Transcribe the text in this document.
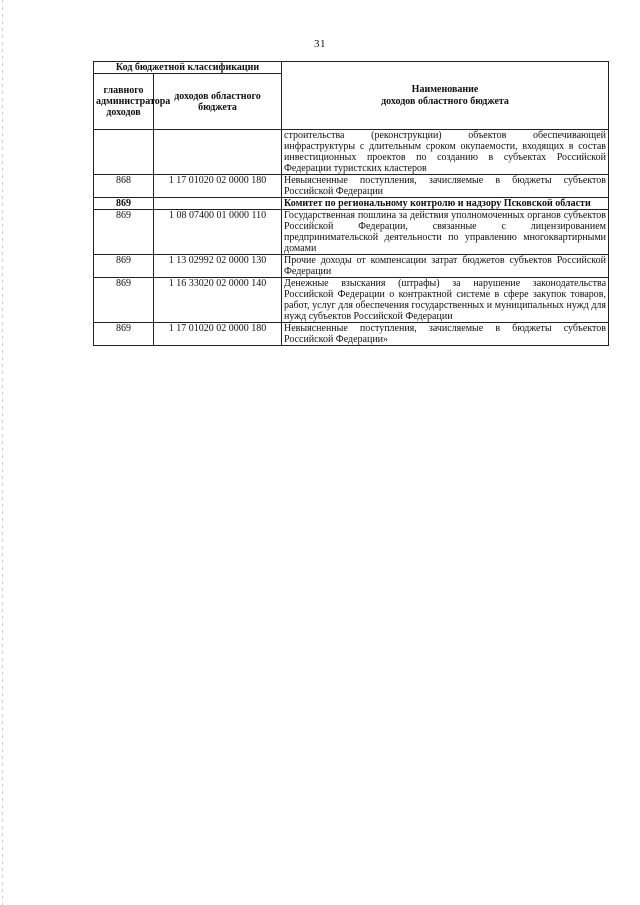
31
Код бюджетной классификации		Наименование
доходов областного бюджета

главного администратора доходов	доходов областного бюджета	
		строительства (реконструкции) объектов обеспечивающей инфраструктуры с длительным сроком окупаемости, входящих в состав инвестиционных проектов по созданию в субъектах Российской Федерации туристских кластеров
868	1 17 01020 02 0000 180	Невыясненные поступления, зачисляемые в бюджеты субъектов Российской Федерации
869		Комитет по региональному контролю и надзору Псковской области
869	1 08 07400 01 0000 110	Государственная пошлина за действия уполномоченных органов субъектов Российской Федерации, связанные с лицензированием предпринимательской деятельности по управлению многоквартирными домами
869	1 13 02992 02 0000 130	Прочие доходы от компенсации затрат бюджетов субъектов Российской Федерации
869	1 16 33020 02 0000 140	Денежные взыскания (штрафы) за нарушение законодательства Российской Федерации о контрактной системе в сфере закупок товаров, работ, услуг для обеспечения государственных и муниципальных нужд для нужд субъектов Российской Федерации
869	1 17 01020 02 0000 180	Невыясненные поступления, зачисляемые в бюджеты субъектов Российской Федерации»
